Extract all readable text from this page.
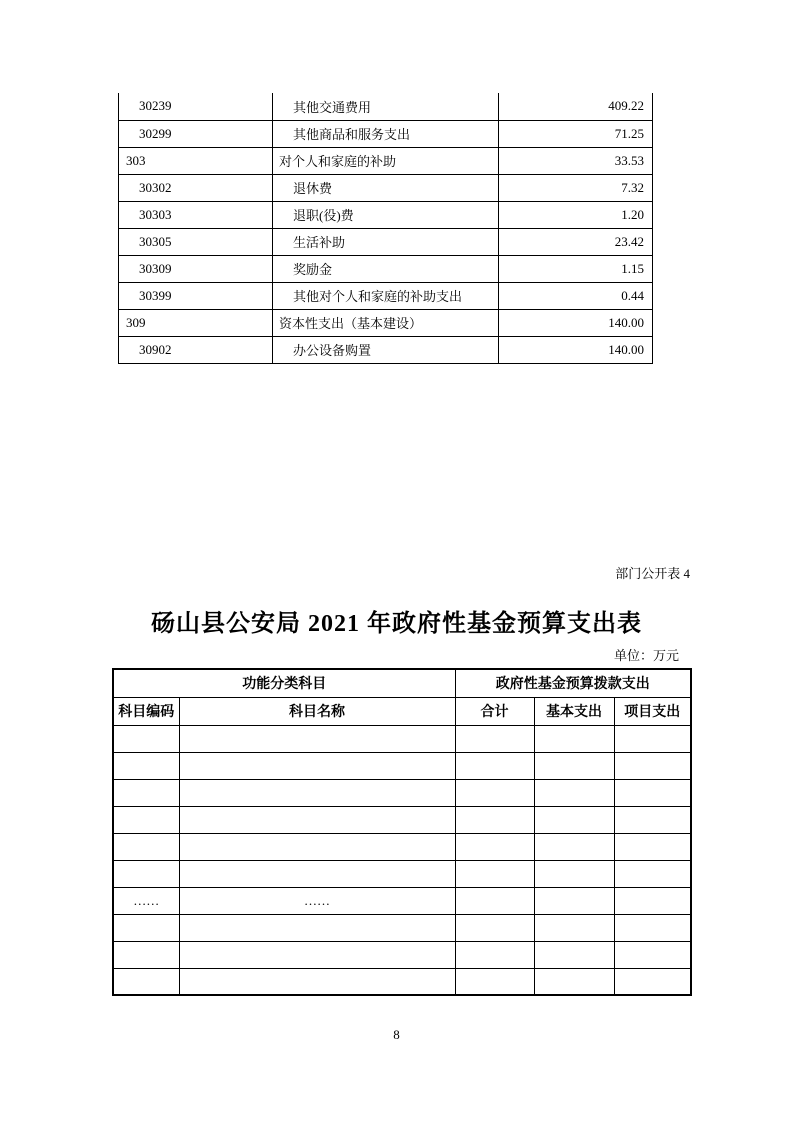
30239	其他交通费用	409.22
30299	其他商品和服务支出	71.25
303	对个人和家庭的补助	33.53
30302	退休费	7.32
30303	退职(役)费	1.20
30305	生活补助	23.42
30309	奖励金	1.15
30399	其他对个人和家庭的补助支出	0.44
309	资本性支出（基本建设）	140.00
30902	办公设备购置	140.00
部门公开表 4
砀山县公安局 2021 年政府性基金预算支出表
单位：万元
功能分类科目		政府性基金预算拨款支出		
科目编码	科目名称	合计	基本支出	项目支出

……	……			

8
